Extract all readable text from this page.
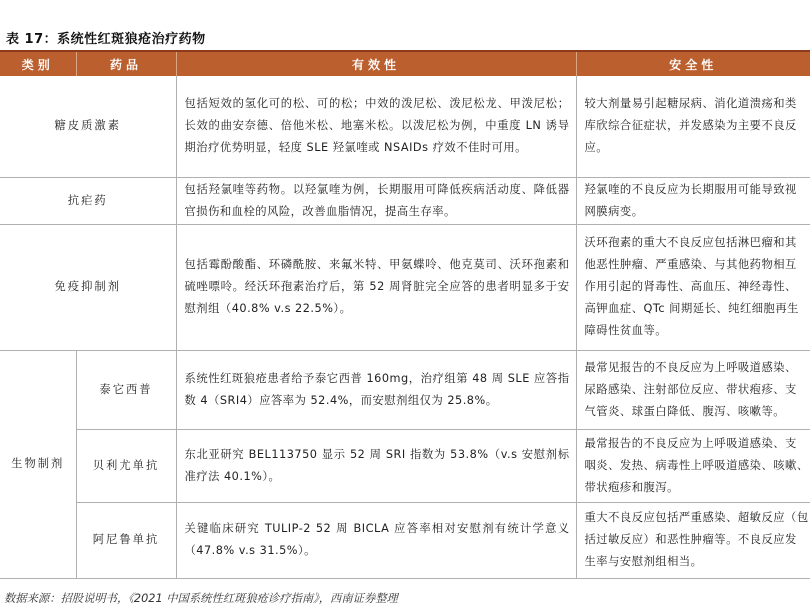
表 17：系统性红斑狼疮治疗药物
类别	药品	有效性	安全性
糖皮质激素		包括短效的氢化可的松、可的松；中效的泼尼松、泼尼松龙、甲泼尼松；长效的曲安奈德、倍他米松、地塞米松。以泼尼松为例，中重度 LN 诱导期治疗优势明显，轻度 SLE 羟氯喹或 NSAIDs 疗效不佳时可用。	较大剂量易引起糖尿病、消化道溃疡和类
库欣综合征症状，并发感染为主要不良反
应。
抗疟药		包括羟氯喹等药物。以羟氯喹为例，长期服用可降低疾病活动度、降低器官损伤和血栓的风险，改善血脂情况，提高生存率。	羟氯喹的不良反应为长期服用可能导致视
网膜病变。
免疫抑制剂		包括霉酚酸酯、环磷酰胺、来氟米特、甲氨蝶呤、他克莫司、沃环孢素和硫唑嘌呤。经沃环孢素治疗后，第 52 周肾脏完全应答的患者明显多于安慰剂组（40.8% v.s 22.5%）。	沃环孢素的重大不良反应包括淋巴瘤和其
他恶性肿瘤、严重感染、与其他药物相互
作用引起的肾毒性、高血压、神经毒性、
高钾血症、QTc 间期延长、纯红细胞再生
障碍性贫血等。
生物制剂	泰它西普	系统性红斑狼疮患者给予泰它西普 160mg，治疗组第 48 周 SLE 应答指数 4（SRI4）应答率为 52.4%，而安慰剂组仅为 25.8%。	最常见报告的不良反应为上呼吸道感染、
尿路感染、注射部位反应、带状疱疹、支
气管炎、球蛋白降低、腹泻、咳嗽等。
	贝利尤单抗	东北亚研究 BEL113750 显示 52 周 SRI 指数为 53.8%（v.s 安慰剂标准疗法 40.1%）。	最常报告的不良反应为上呼吸道感染、支
咽炎、发热、病毒性上呼吸道感染、咳嗽、
带状疱疹和腹泻。
	阿尼鲁单抗	关键临床研究 TULIP-2 52 周 BICLA 应答率相对安慰剂有统计学意义（47.8% v.s 31.5%）。	重大不良反应包括严重感染、超敏反应（包
括过敏反应）和恶性肿瘤等。不良反应发
生率与安慰剂组相当。
数据来源：招股说明书，《2021 中国系统性红斑狼疮诊疗指南》，西南证券整理
